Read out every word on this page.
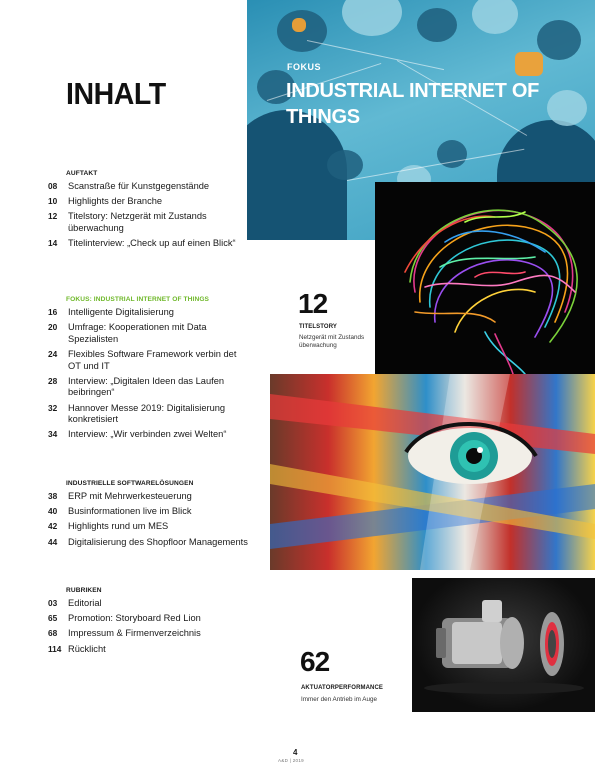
INHALT
AUFTAKT
08	Scanstraße für Kunstgegenstände
10	Highlights der Branche
12	Titelstory: Netzgerät mit Zustands überwachung
14	Titelinterview: „Check up auf einen Blick“
FOKUS: INDUSTRIAL INTERNET OF THINGS
16	Intelligente Digitalisierung
20	Umfrage: Kooperationen mit Data Spezialisten
24	Flexibles Software Framework verbin det OT und IT
28	Interview: „Digitalen Ideen das Laufen beibringen“
32	Hannover Messe 2019: Digitalisierung konkretisiert
34	Interview: „Wir verbinden zwei Welten“
INDUSTRIELLE SOFTWARELÖSUNGEN
38	ERP mit Mehrwerkesteuerung
40	Businformationen live im Blick
42	Highlights rund um MES
44	Digitalisierung des Shopfloor Managements
RUBRIKEN
03	Editorial
65	Promotion: Storyboard Red Lion
68	Impressum & Firmenverzeichnis
114 Rücklicht
FOKUS
INDUSTRIAL INTERNET OF THINGS
12
TITELSTORY
Netzgerät mit Zustands überwachung
62
AKTUATORPERFORMANCE
Immer den Antrieb im Auge
4
A&D | 2019
